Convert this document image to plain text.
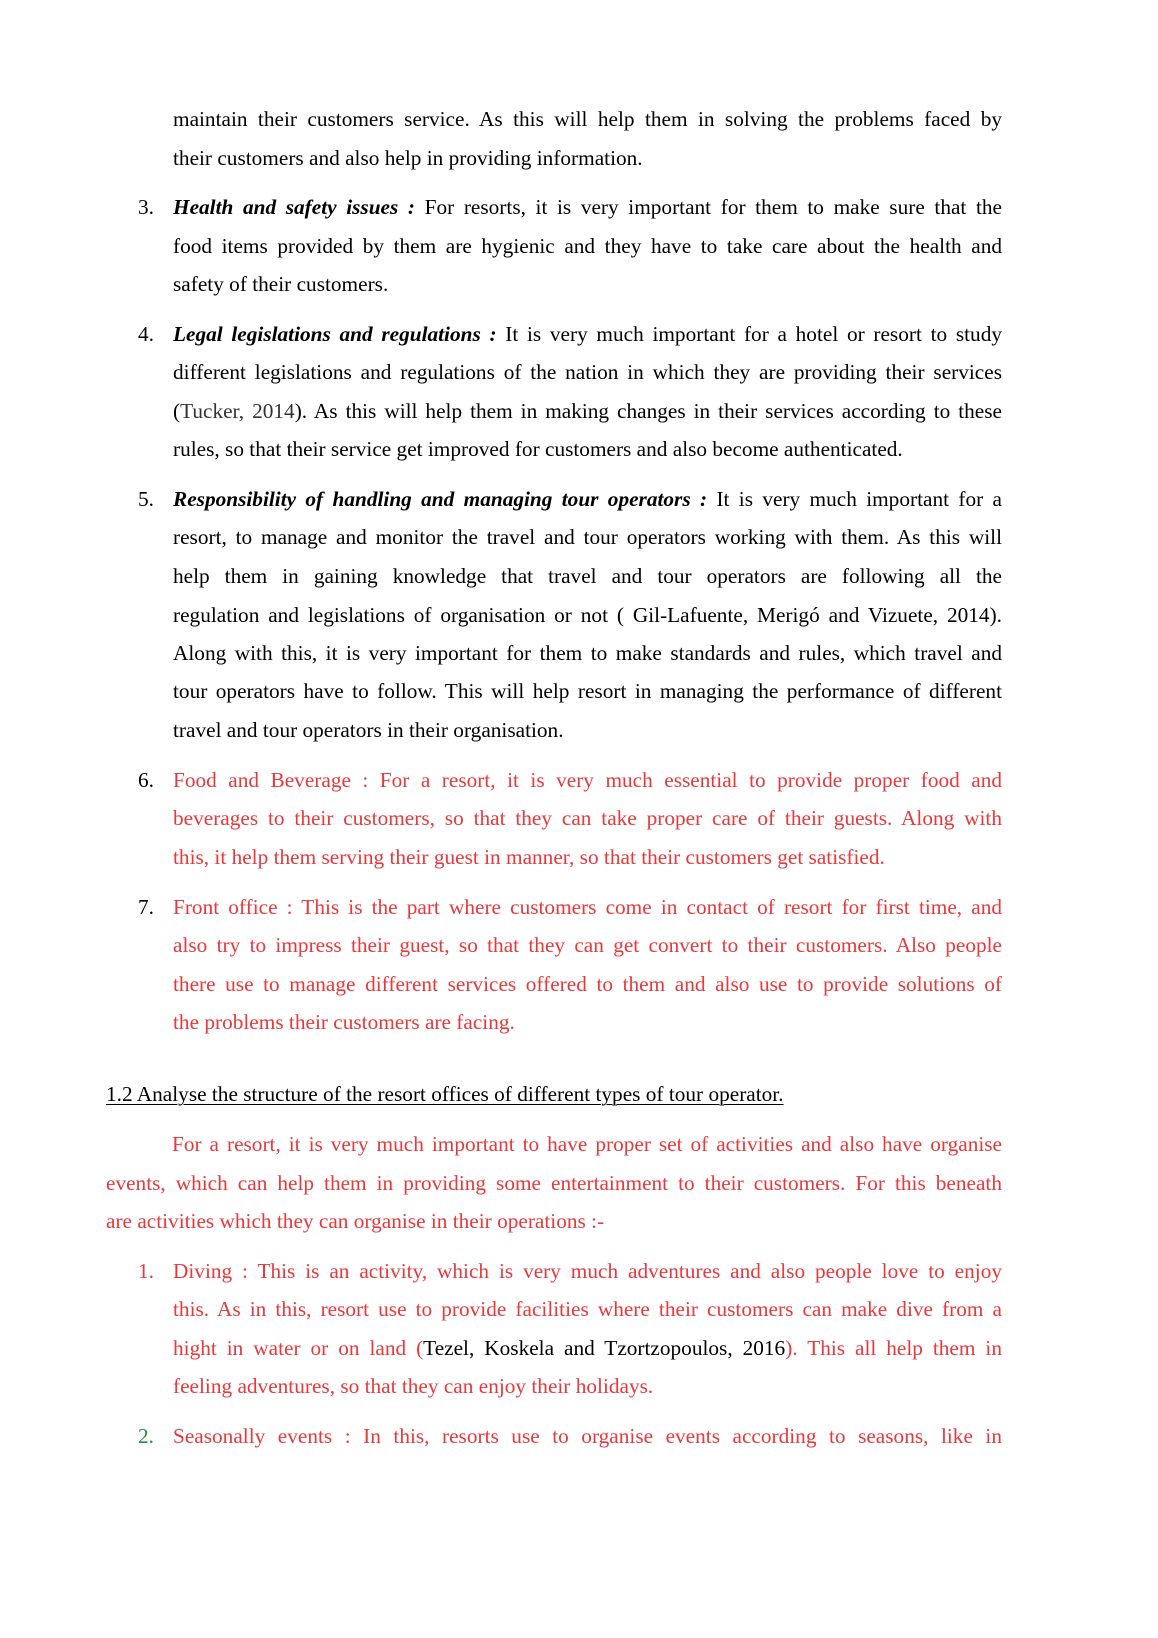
maintain their customers service. As this will help them in solving the problems faced by
their customers and also help in providing information.
3. Health and safety issues : For resorts, it is very important for them to make sure that the
food items provided by them are hygienic and they have to take care about the health and
safety of their customers.
4. Legal legislations and regulations : It is very much important for a hotel or resort to study
different legislations and regulations of the nation in which they are providing their services
(Tucker, 2014). As this will help them in making changes in their services according to these
rules, so that their service get improved for customers and also become authenticated.
5. Responsibility of handling and managing tour operators : It is very much important for a
resort, to manage and monitor the travel and tour operators working with them. As this will
help them in gaining knowledge that travel and tour operators are following all the
regulation and legislations of organisation or not ( Gil-Lafuente, Merigó and Vizuete, 2014).
Along with this, it is very important for them to make standards and rules, which travel and
tour operators have to follow. This will help resort in managing the performance of different
travel and tour operators in their organisation.
6. Food and Beverage : For a resort, it is very much essential to provide proper food and
beverages to their customers, so that they can take proper care of their guests. Along with
this, it help them serving their guest in manner, so that their customers get satisfied.
7. Front office : This is the part where customers come in contact of resort for first time, and
also try to impress their guest, so that they can get convert to their customers. Also people
there use to manage different services offered to them and also use to provide solutions of
the problems their customers are facing.
1.2 Analyse the structure of the resort offices of different types of tour operator.
For a resort, it is very much important to have proper set of activities and also have organise
events, which can help them in providing some entertainment to their customers. For this beneath
are activities which they can organise in their operations :-
1. Diving : This is an activity, which is very much adventures and also people love to enjoy
this. As in this, resort use to provide facilities where their customers can make dive from a
hight in water or on land (Tezel, Koskela and Tzortzopoulos, 2016). This all help them in
feeling adventures, so that they can enjoy their holidays.
2. Seasonally events : In this, resorts use to organise events according to seasons, like in
